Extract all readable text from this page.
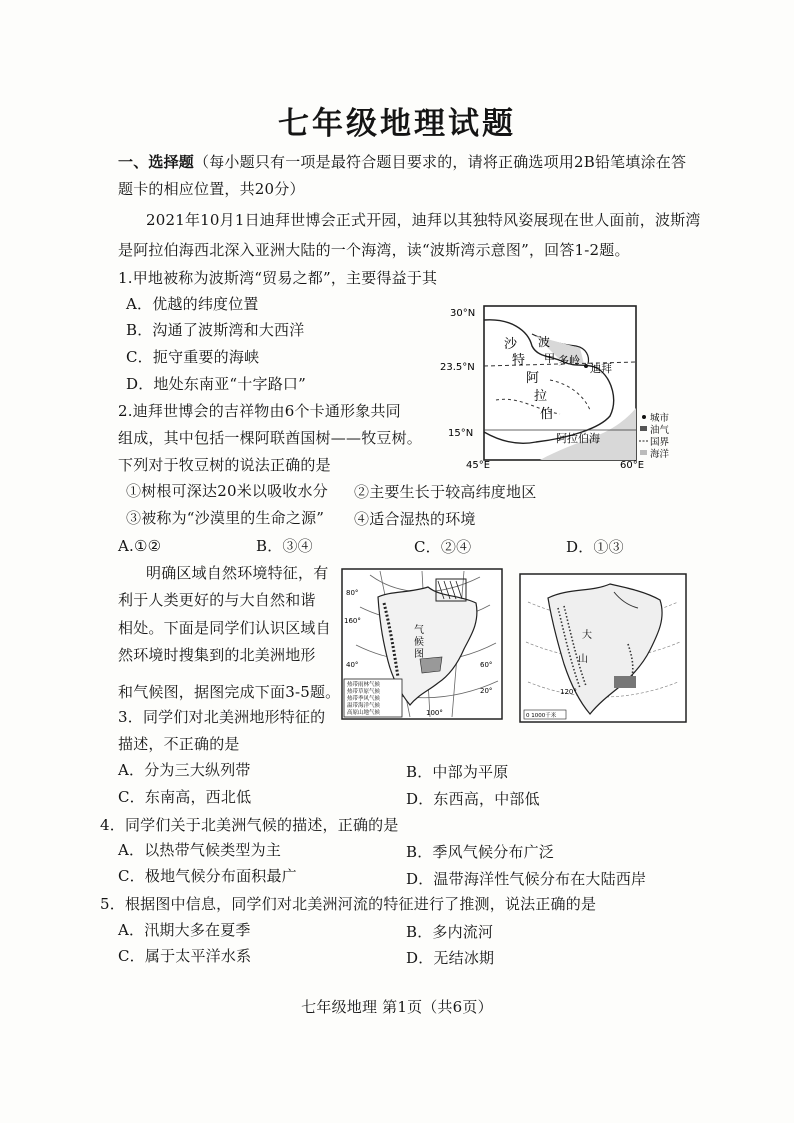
七年级地理试题
一、选择题（每小题只有一项是最符合题目要求的，请将正确选项用2B铅笔填涂在答
题卡的相应位置，共20分）
2021年10月1日迪拜世博会正式开园，迪拜以其独特风姿展现在世人面前，波斯湾
是阿拉伯海西北深入亚洲大陆的一个海湾，读“波斯湾示意图”，回答1-2题。
1.甲地被称为波斯湾“贸易之都”，主要得益于其
A．优越的纬度位置
B．沟通了波斯湾和大西洋
C．扼守重要的海峡
D．地处东南亚“十字路口”
30°N
23.5°N
15°N
45°E	60°E
波
沙
特
阿
拉
伯
甲 多岭
迪拜
阿拉伯海
城市
油气
国界
海洋
2.迪拜世博会的吉祥物由6个卡通形象共同
组成，其中包括一棵阿联酋国树——牧豆树。
下列对于牧豆树的说法正确的是
①树根可深达20米以吸收水分 ②主要生长于较高纬度地区
③被称为“沙漠里的生命之源” ④适合湿热的环境
A.①②	B．③④	C．②④	D．①③
明确区域自然环境特征，有
利于人类更好的与大自然和谐
相处。下面是同学们认识区域自
然环境时搜集到的北美洲地形
和气候图，据图完成下面3-5题。
气
候
图
80°
160°
40°
20°
60°
100°
热带雨林气候
热带草原气候
热带季风气候
温带海洋气候
高原山地气候
大
山
120°
0 1000千米
3．同学们对北美洲地形特征的
描述，不正确的是
A．分为三大纵列带	B．中部为平原
C．东南高，西北低	D．东西高，中部低
4．同学们关于北美洲气候的描述，正确的是
A．以热带气候类型为主	B．季风气候分布广泛
C．极地气候分布面积最广	D．温带海洋性气候分布在大陆西岸
5．根据图中信息，同学们对北美洲河流的特征进行了推测，说法正确的是
A．汛期大多在夏季	B．多内流河
C．属于太平洋水系	D．无结冰期
七年级地理 第1页（共6页）
